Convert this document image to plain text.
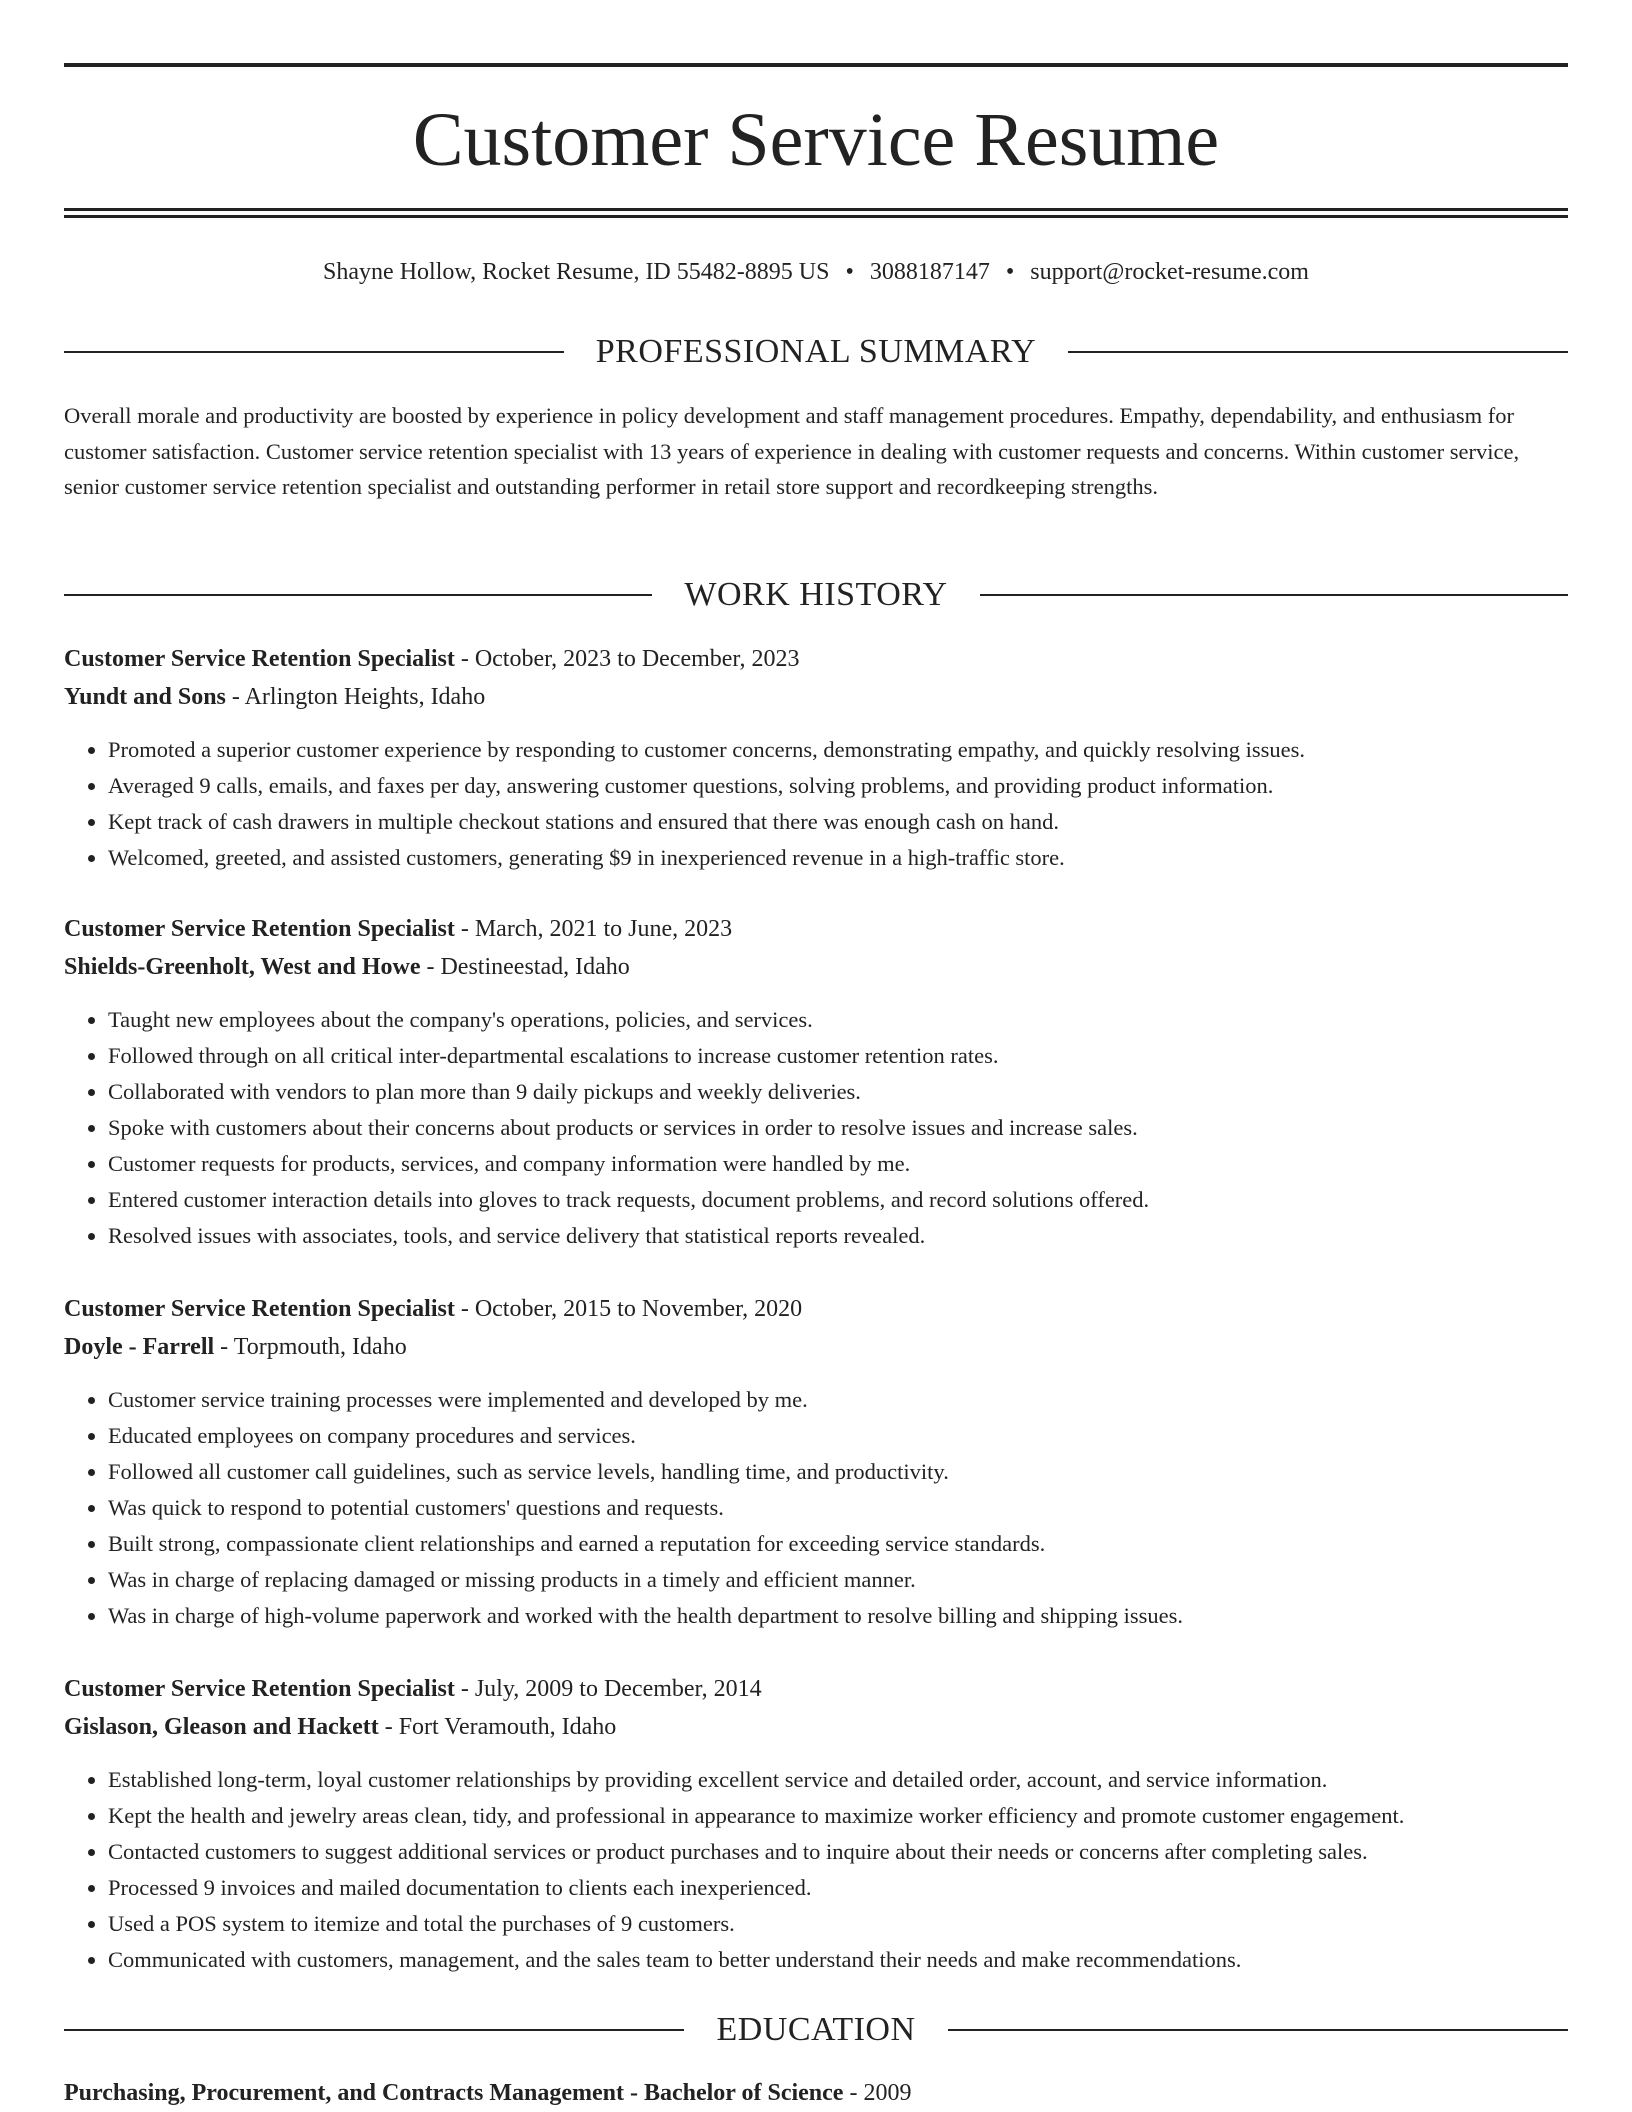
Customer Service Resume
Shayne Hollow, Rocket Resume, ID 55482-8895 US • 3088187147 • support@rocket-resume.com
PROFESSIONAL SUMMARY

Overall morale and productivity are boosted by experience in policy development and staff management procedures. Empathy, dependability, and enthusiasm for customer satisfaction. Customer service retention specialist with 13 years of experience in dealing with customer requests and concerns. Within customer service, senior customer service retention specialist and outstanding performer in retail store support and recordkeeping strengths.

WORK HISTORY
Customer Service Retention Specialist - October, 2023 to December, 2023
Yundt and Sons - Arlington Heights, Idaho
• Promoted a superior customer experience by responding to customer concerns, demonstrating empathy, and quickly resolving issues.
• Averaged 9 calls, emails, and faxes per day, answering customer questions, solving problems, and providing product information.
• Kept track of cash drawers in multiple checkout stations and ensured that there was enough cash on hand.
• Welcomed, greeted, and assisted customers, generating $9 in inexperienced revenue in a high-traffic store.
Customer Service Retention Specialist - March, 2021 to June, 2023
Shields-Greenholt, West and Howe - Destineestad, Idaho
• Taught new employees about the company's operations, policies, and services.
• Followed through on all critical inter-departmental escalations to increase customer retention rates.
• Collaborated with vendors to plan more than 9 daily pickups and weekly deliveries.
• Spoke with customers about their concerns about products or services in order to resolve issues and increase sales.
• Customer requests for products, services, and company information were handled by me.
• Entered customer interaction details into gloves to track requests, document problems, and record solutions offered.
• Resolved issues with associates, tools, and service delivery that statistical reports revealed.
Customer Service Retention Specialist - October, 2015 to November, 2020
Doyle - Farrell - Torpmouth, Idaho
• Customer service training processes were implemented and developed by me.
• Educated employees on company procedures and services.
• Followed all customer call guidelines, such as service levels, handling time, and productivity.
• Was quick to respond to potential customers' questions and requests.
• Built strong, compassionate client relationships and earned a reputation for exceeding service standards.
• Was in charge of replacing damaged or missing products in a timely and efficient manner.
• Was in charge of high-volume paperwork and worked with the health department to resolve billing and shipping issues.
Customer Service Retention Specialist - July, 2009 to December, 2014
Gislason, Gleason and Hackett - Fort Veramouth, Idaho
• Established long-term, loyal customer relationships by providing excellent service and detailed order, account, and service information.
• Kept the health and jewelry areas clean, tidy, and professional in appearance to maximize worker efficiency and promote customer engagement.
• Contacted customers to suggest additional services or product purchases and to inquire about their needs or concerns after completing sales.
• Processed 9 invoices and mailed documentation to clients each inexperienced.
• Used a POS system to itemize and total the purchases of 9 customers.
• Communicated with customers, management, and the sales team to better understand their needs and make recommendations.
EDUCATION
Purchasing, Procurement, and Contracts Management - Bachelor of Science - 2009
